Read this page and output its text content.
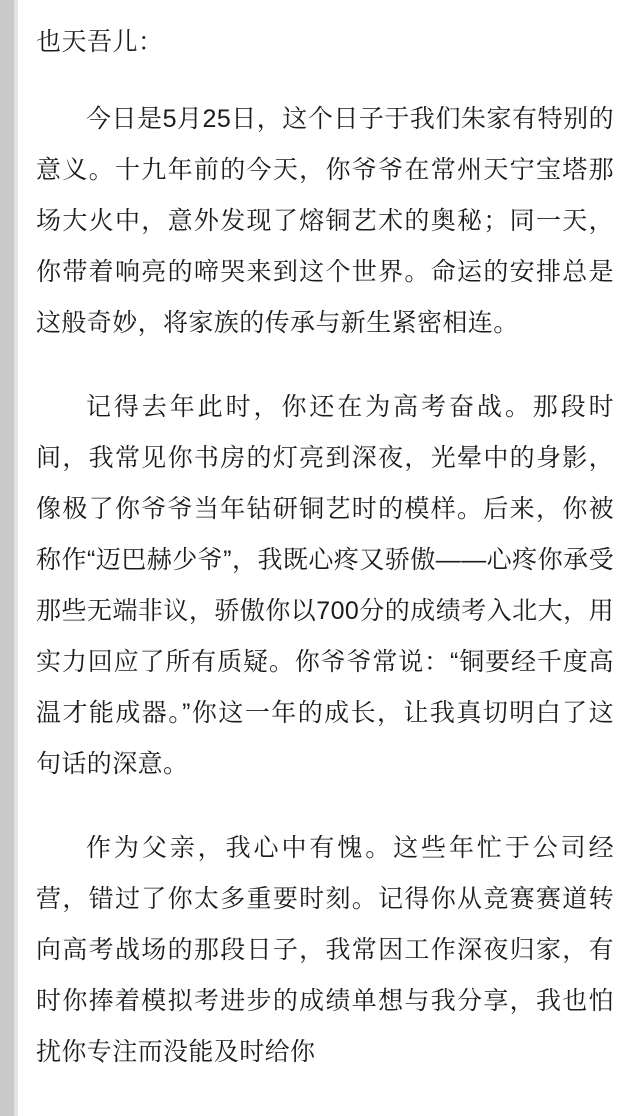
也天吾儿：

今日是5月25日，这个日子于我们朱家有特别的意义。十九年前的今天，你爷爷在常州天宁宝塔那场大火中，意外发现了熔铜艺术的奥秘；同一天，你带着响亮的啼哭来到这个世界。命运的安排总是这般奇妙，将家族的传承与新生紧密相连。

记得去年此时，你还在为高考奋战。那段时间，我常见你书房的灯亮到深夜，光晕中的身影，像极了你爷爷当年钻研铜艺时的模样。后来，你被称作“迈巴赫少爷”，我既心疼又骄傲——心疼你承受那些无端非议，骄傲你以700分的成绩考入北大，用实力回应了所有质疑。你爷爷常说：“铜要经千度高温才能成器。”你这一年的成长，让我真切明白了这句话的深意。

作为父亲，我心中有愧。这些年忙于公司经营，错过了你太多重要时刻。记得你从竞赛赛道转向高考战场的那段日子，我常因工作深夜归家，有时你捧着模拟考进步的成绩单想与我分享，我也怕扰你专注而没能及时给你
